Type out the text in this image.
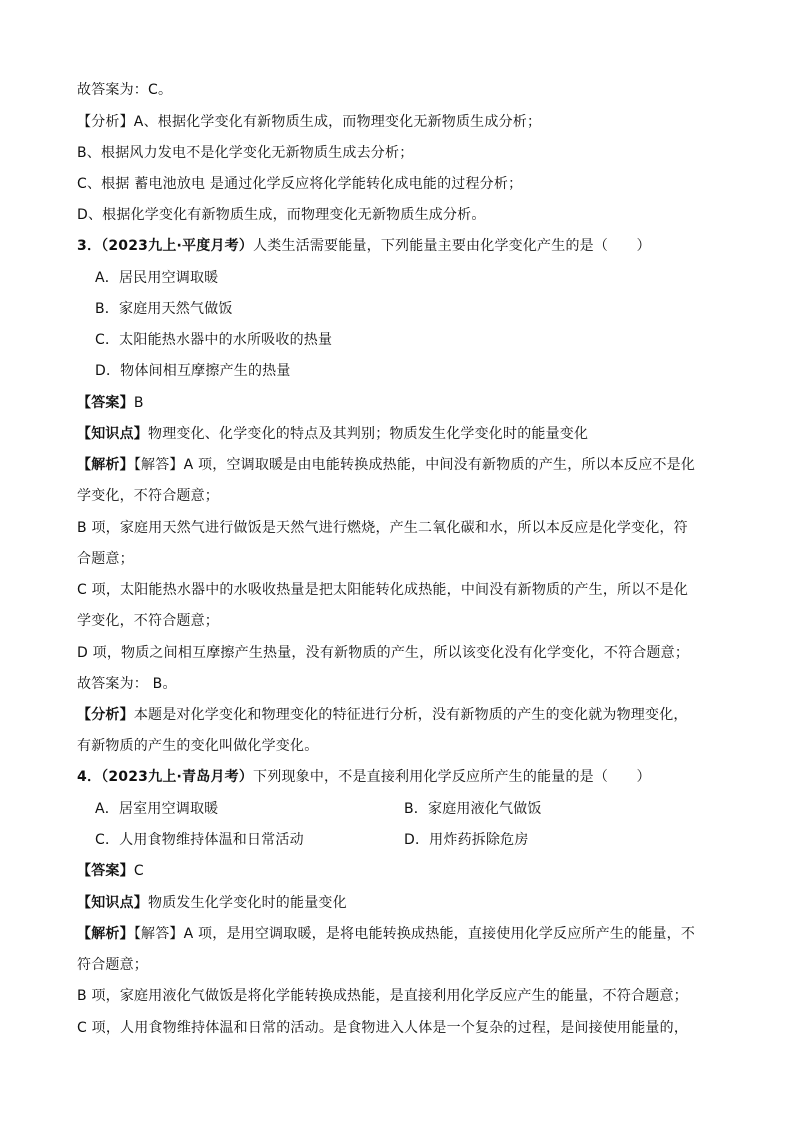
故答案为：C。
【分析】A、根据化学变化有新物质生成，而物理变化无新物质生成分析；
B、根据风力发电不是化学变化无新物质生成去分析；
C、根据 蓄电池放电 是通过化学反应将化学能转化成电能的过程分析；
D、根据化学变化有新物质生成，而物理变化无新物质生成分析。
3．（2023九上·平度月考）人类生活需要能量，下列能量主要由化学变化产生的是（　　）
A．居民用空调取暖
B．家庭用天然气做饭
C．太阳能热水器中的水所吸收的热量
D．物体间相互摩擦产生的热量
【答案】B
【知识点】物理变化、化学变化的特点及其判别；物质发生化学变化时的能量变化
【解析】【解答】A 项，空调取暖是由电能转换成热能，中间没有新物质的产生，所以本反应不是化
学变化，不符合题意；
B 项，家庭用天然气进行做饭是天然气进行燃烧，产生二氧化碳和水，所以本反应是化学变化，符
合题意；
C 项，太阳能热水器中的水吸收热量是把太阳能转化成热能，中间没有新物质的产生，所以不是化
学变化，不符合题意；
D 项，物质之间相互摩擦产生热量，没有新物质的产生，所以该变化没有化学变化，不符合题意；
故答案为： B。
【分析】本题是对化学变化和物理变化的特征进行分析，没有新物质的产生的变化就为物理变化，
有新物质的产生的变化叫做化学变化。
4．（2023九上·青岛月考）下列现象中，不是直接利用化学反应所产生的能量的是（　　）
A．居室用空调取暖	B．家庭用液化气做饭
C．人用食物维持体温和日常活动	D．用炸药拆除危房
【答案】C
【知识点】物质发生化学变化时的能量变化
【解析】【解答】A 项，是用空调取暖，是将电能转换成热能，直接使用化学反应所产生的能量，不
符合题意；
B 项，家庭用液化气做饭是将化学能转换成热能，是直接利用化学反应产生的能量，不符合题意；
C 项，人用食物维持体温和日常的活动。是食物进入人体是一个复杂的过程，是间接使用能量的，
